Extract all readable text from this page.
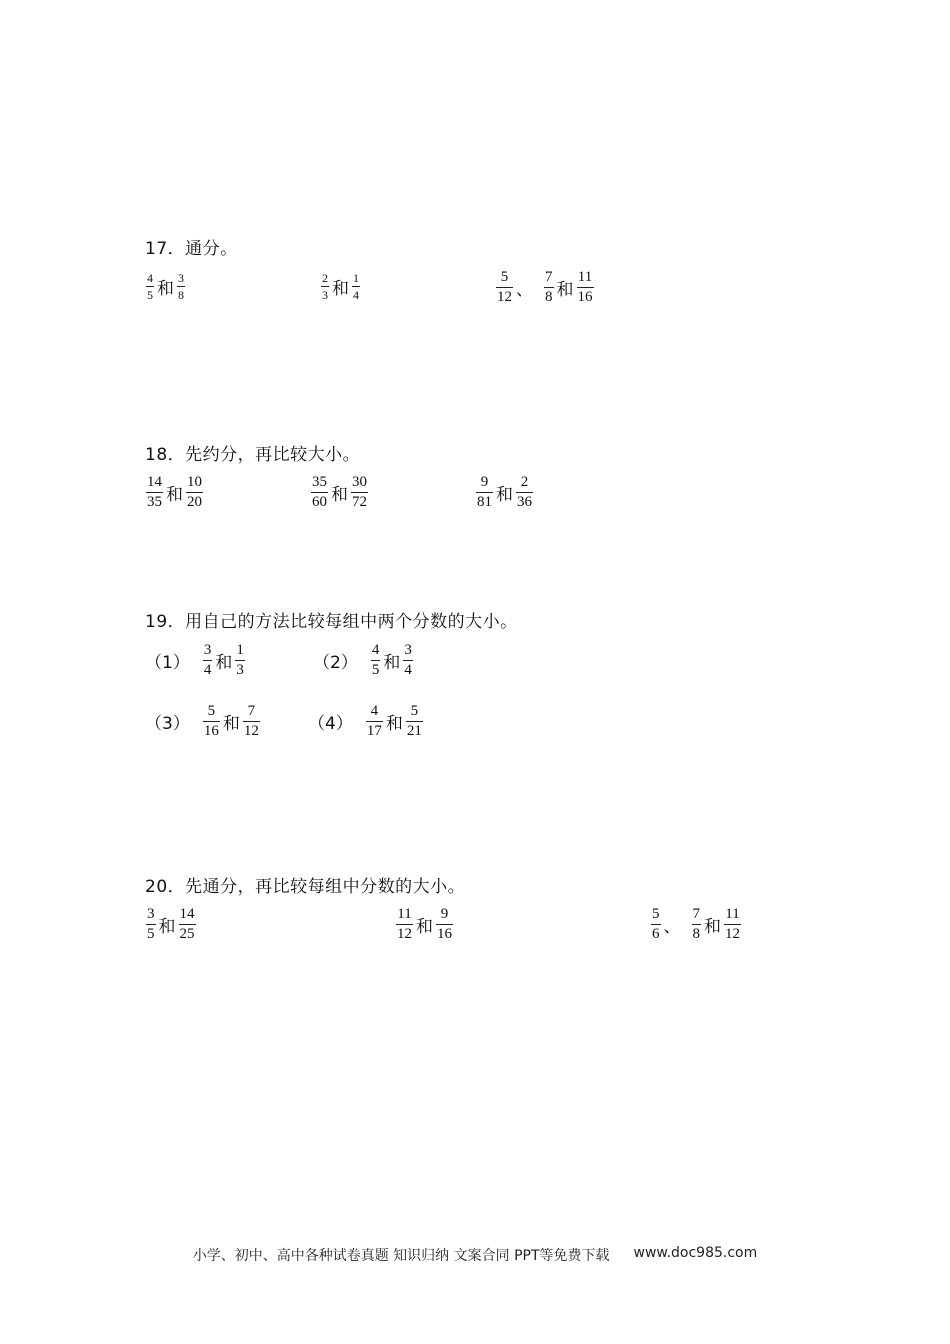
17．通分。
$\frac{4}{5}$ 和 $\frac{3}{8}$	$\frac{2}{3}$ 和 $\frac{1}{4}$	$\frac{5}{12}$ 、 $\frac{7}{8}$ 和 $\frac{11}{16}$
18．先约分，再比较大小。
$\frac{14}{35}$ 和 $\frac{10}{20}$	$\frac{35}{60}$ 和 $\frac{30}{72}$	$\frac{9}{81}$ 和 $\frac{2}{36}$
19．用自己的方法比较每组中两个分数的大小。
$(1) \frac{3}{4}$ 和 $\frac{1}{3}$	$(2) \frac{4}{5}$ 和 $\frac{3}{4}$
$(3) \frac{5}{16}$ 和 $\frac{7}{12}$	$(4) \frac{4}{17}$ 和 $\frac{5}{21}$
20．先通分，再比较每组中分数的大小。
$\frac{3}{5}$ 和 $\frac{14}{25}$	$\frac{11}{12}$ 和 $\frac{9}{16}$	$\frac{5}{6}$ 、 $\frac{7}{8}$ 和 $\frac{11}{12}$
小学、初中、高中各种试卷真题 知识归纳 文案合同 PPT等免费下载 www.doc985.com
